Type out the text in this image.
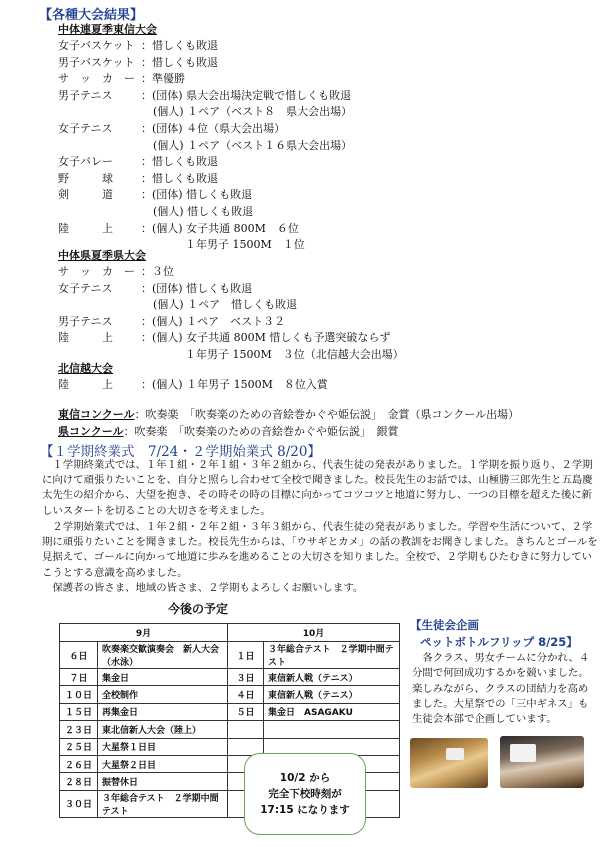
【各種大会結果】
中体連夏季東信大会
女子バスケット ：惜しくも敗退
男子バスケット ：惜しくも敗退
サ　ッ　カ　ー ：準優勝
男子テニス	：(団体) 県大会出場決定戦で惜しくも敗退
(個人) １ペア（ベスト８　県大会出場）
女子テニス	：(団体) ４位（県大会出場）
(個人) １ペア（ベスト１６県大会出場）
女子バレー	：惜しくも敗退
野　　　球	：惜しくも敗退
剣　　　道	：(団体) 惜しくも敗退
(個人) 惜しくも敗退
陸　　　上	：(個人) 女子共通 800M　６位
１年男子 1500M　１位
中体県夏季県大会
サ　ッ　カ　ー ：３位
女子テニス	：(団体) 惜しくも敗退
(個人) １ペア　惜しくも敗退
男子テニス	：(個人) １ペア　ベスト３２
陸　　　上	：(個人) 女子共通 800M 惜しくも予選突破ならず
１年男子 1500M　３位（北信越大会出場）
北信越大会
陸　　　上	：(個人) １年男子 1500M　８位入賞
東信コンクール：吹奏楽　「吹奏楽のための音絵巻かぐや姫伝説」　金賞（県コンクール出場）
県コンクール：吹奏楽　「吹奏楽のための音絵巻かぐや姫伝説」　銀賞
【１学期終業式　7/24・２学期始業式 8/20】
　１学期終業式では、１年１組・２年１組・３年２組から、代表生徒の発表がありました。１学期を振り返り、２学期に向けて頑張りたいことを、自分と照らし合わせて全校で聞きました。校長先生のお話では、山極勝三郎先生と五島慶太先生の紹介から、大望を抱き、その時その時の目標に向かってコツコツと地道に努力し、一つの目標を超えた後に新しいスタートを切ることの大切さを考えました。
　２学期始業式では、１年２組・２年２組・３年３組から、代表生徒の発表がありました。学習や生活について、２学期に頑張りたいことを聞きました。校長先生からは、「ウサギとカメ」の話の教訓をお聞きしました。きちんとゴールを見据えて、ゴールに向かって地道に歩みを進めることの大切さを知りました。全校で、２学期もひたむきに努力していこうとする意識を高めました。
　保護者の皆さま、地域の皆さま、２学期もよろしくお願いします。
今後の予定
9月		10月	
６日	吹奏楽交歓演奏会　新人大会（水泳）	１日	３年総合テスト　２学期中間テスト
７日	集金日	３日	東信新人戦（テニス）
１０日	全校制作	４日	東信新人戦（テニス）
１５日	再集金日	５日	集金日　ASAGAKU
２３日	東北信新人大会（陸上）		
２５日	大星祭１日目		
２６日	大星祭２日目		
２８日	振替休日		
３０日	３年総合テスト　２学期中間テスト		
10/2 から
完全下校時刻が
17:15 になります
【生徒会企画
ペットボトルフリップ 8/25】
　各クラス、男女チームに分かれ、４分間で何回成功するかを競いました。楽しみながら、クラスの団結力を高めました。大星祭での「三中ギネス」も生徒会本部で企画しています。
